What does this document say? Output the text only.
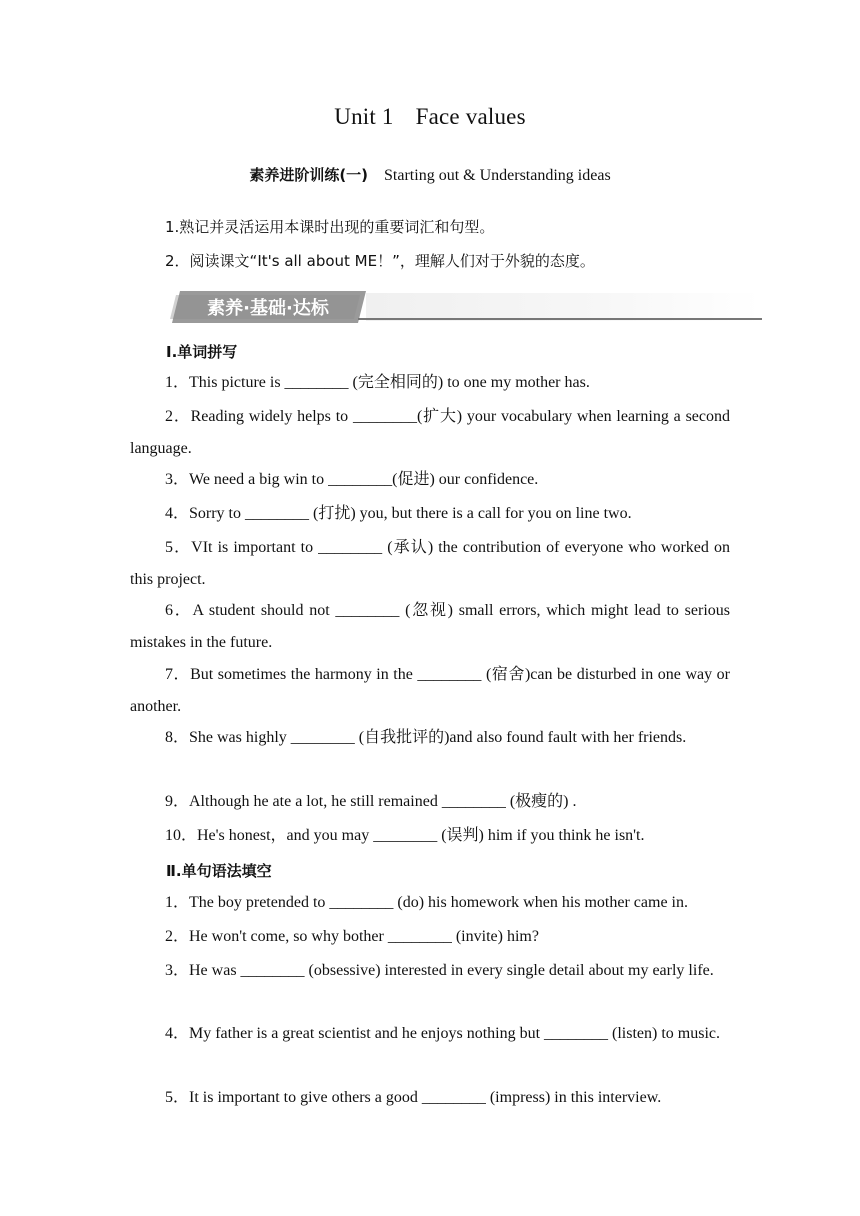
Unit 1 Face values
素养进阶训练(一) Starting out & Understanding ideas
1.熟记并灵活运用本课时出现的重要词汇和句型。
2．阅读课文“It's all about ME！”，理解人们对于外貌的态度。
素养·基础·达标
Ⅰ.单词拼写
1．This picture is ________ (完全相同的) to one my mother has.
2．Reading widely helps to ________(扩大) your vocabulary when learning a second language.
3．We need a big win to ________(促进) our confidence.
4．Sorry to ________ (打扰) you, but there is a call for you on line two.
5．VIt is important to ________ (承认) the contribution of everyone who worked on this project.
6．A student should not ________ (忽视) small errors, which might lead to serious mistakes in the future.
7．But sometimes the harmony in the ________ (宿舍)can be disturbed in one way or another.
8．She was highly ________ (自我批评的)and also found fault with her friends.
9．Although he ate a lot, he still remained ________ (极瘦的) .
10．He's honest，and you may ________ (误判) him if you think he isn't.
Ⅱ.单句语法填空
1．The boy pretended to ________ (do) his homework when his mother came in.
2．He won't come, so why bother ________ (invite) him?
3．He was ________ (obsessive) interested in every single detail about my early life.
4．My father is a great scientist and he enjoys nothing but ________ (listen) to music.
5．It is important to give others a good ________ (impress) in this interview.
